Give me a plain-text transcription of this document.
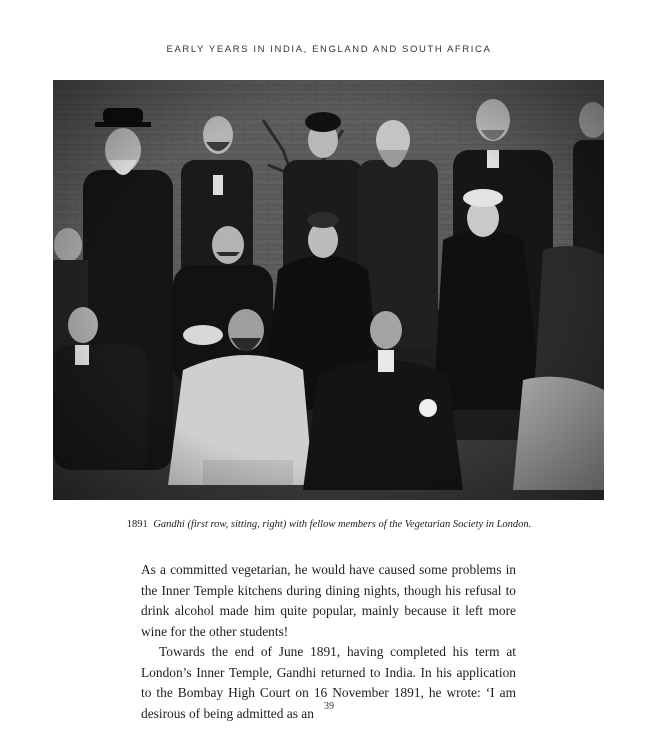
EARLY YEARS IN INDIA, ENGLAND AND SOUTH AFRICA
1891 Gandhi (first row, sitting, right) with fellow members of the Vegetarian Society in London.

As a committed vegetarian, he would have caused some problems in the Inner Temple kitchens during dining nights, though his refusal to drink alcohol made him quite popular, mainly because it left more wine for the other students!

Towards the end of June 1891, having completed his term at London’s Inner Temple, Gandhi returned to India. In his application to the Bombay High Court on 16 November 1891, he wrote: ‘I am desirous of being admitted as an	39
